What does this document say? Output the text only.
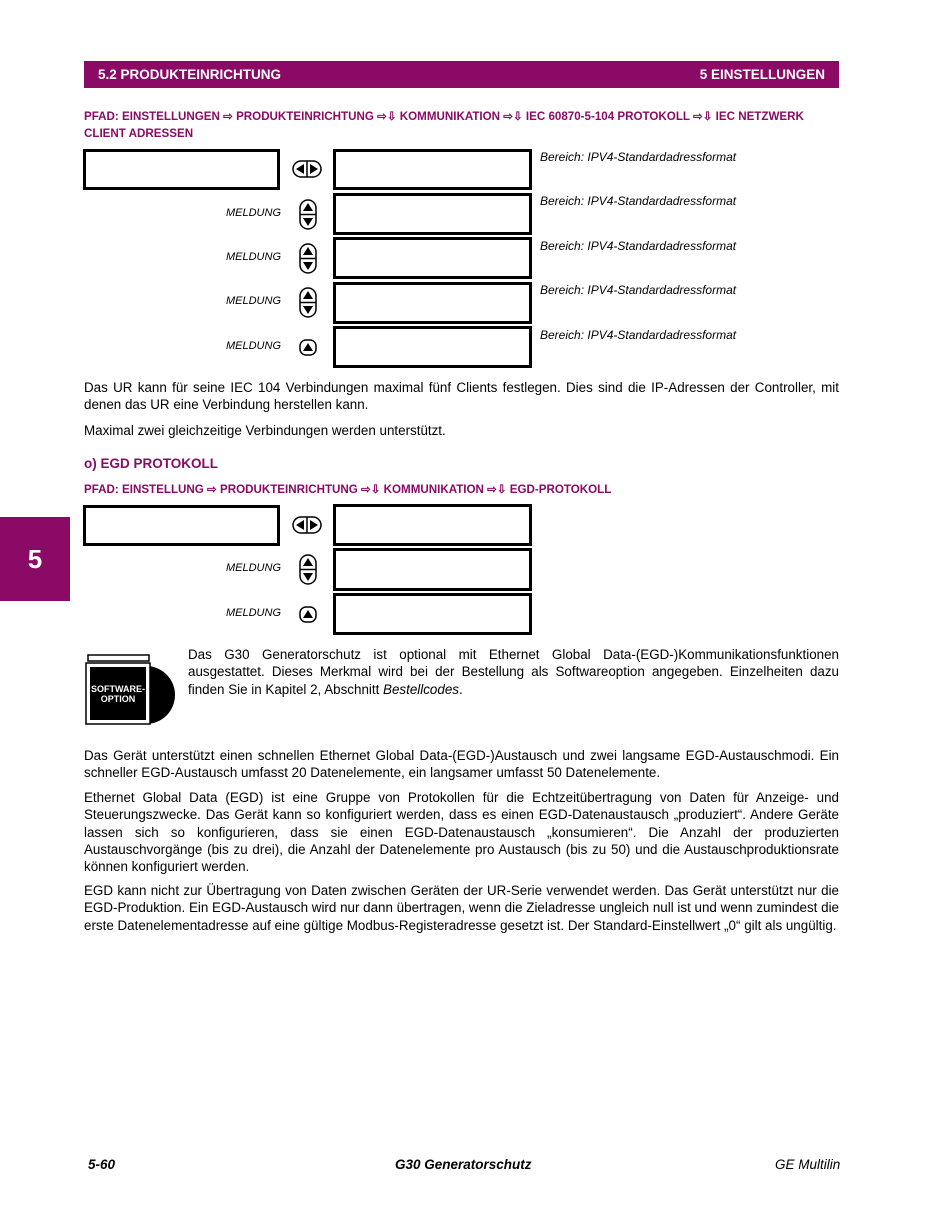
5.2 PRODUKTEINRICHTUNG	5 EINSTELLUNGEN
5
PFAD: EINSTELLUNGEN ⇨ PRODUKTEINRICHTUNG ⇨⇩ KOMMUNIKATION ⇨⇩ IEC 60870-5-104 PROTOKOLL ⇨⇩ IEC NETZWERK CLIENT ADRESSEN

Bereich: IPV4-Standardadressformat
MELDUNG

Bereich: IPV4-Standardadressformat
MELDUNG

Bereich: IPV4-Standardadressformat
MELDUNG

Bereich: IPV4-Standardadressformat
MELDUNG

Bereich: IPV4-Standardadressformat
Das UR kann für seine IEC 104 Verbindungen maximal fünf Clients festlegen. Dies sind die IP-Adressen der Controller, mit denen das UR eine Verbindung herstellen kann.
Maximal zwei gleichzeitige Verbindungen werden unterstützt.
o) EGD PROTOKOLL
PFAD: EINSTELLUNG ⇨ PRODUKTEINRICHTUNG ⇨⇩ KOMMUNIKATION ⇨⇩ EGD-PROTOKOLL

MELDUNG

MELDUNG

SOFTWARE-
OPTION
Das G30 Generatorschutz ist optional mit Ethernet Global Data-(EGD-)Kommunikationsfunktionen ausgestattet. Dieses Merkmal wird bei der Bestellung als Softwareoption angegeben. Einzelheiten dazu finden Sie in Kapitel 2, Abschnitt Bestellcodes.
Das Gerät unterstützt einen schnellen Ethernet Global Data-(EGD-)Austausch und zwei langsame EGD-Austauschmodi. Ein schneller EGD-Austausch umfasst 20 Datenelemente, ein langsamer umfasst 50 Datenelemente.
Ethernet Global Data (EGD) ist eine Gruppe von Protokollen für die Echtzeitübertragung von Daten für Anzeige- und Steuerungszwecke. Das Gerät kann so konfiguriert werden, dass es einen EGD-Datenaustausch „produziert“. Andere Geräte lassen sich so konfigurieren, dass sie einen EGD-Datenaustausch „konsumieren“. Die Anzahl der produzierten Austauschvorgänge (bis zu drei), die Anzahl der Datenelemente pro Austausch (bis zu 50) und die Austauschproduktionsrate können konfiguriert werden.
EGD kann nicht zur Übertragung von Daten zwischen Geräten der UR-Serie verwendet werden. Das Gerät unterstützt nur die EGD-Produktion. Ein EGD-Austausch wird nur dann übertragen, wenn die Zieladresse ungleich null ist und wenn zumindest die erste Datenelementadresse auf eine gültige Modbus-Registeradresse gesetzt ist. Der Standard-Einstellwert „0“ gilt als ungültig.
5-60	G30 Generatorschutz	GE Multilin
